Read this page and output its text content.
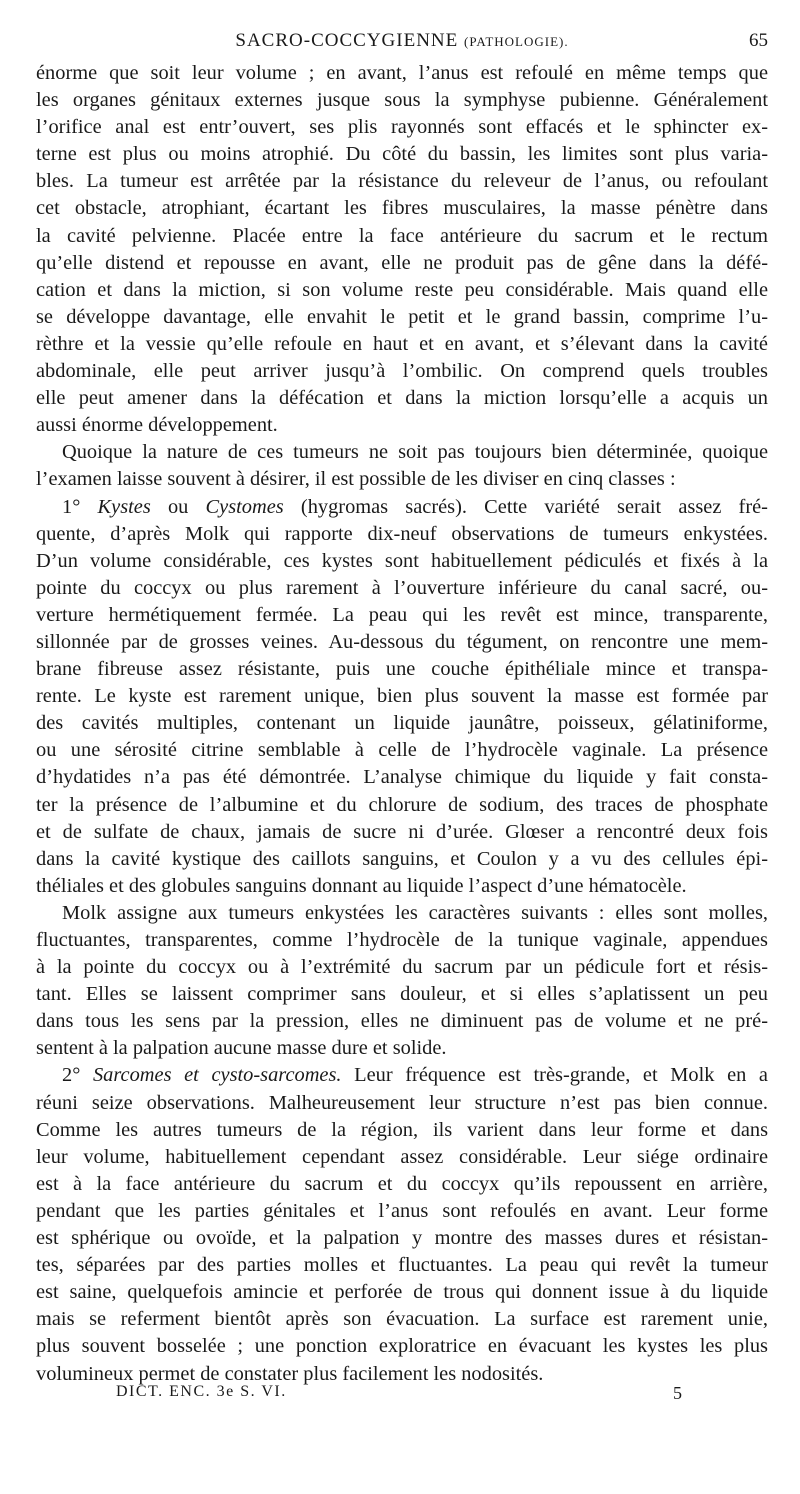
SACRO-COCCYGIENNE (PATHOLOGIE).	65
énorme que soit leur volume ; en avant, l’anus est refoulé en même temps que
les organes génitaux externes jusque sous la symphyse pubienne. Généralement
l’orifice anal est entr’ouvert, ses plis rayonnés sont effacés et le sphincter ex-
terne est plus ou moins atrophié. Du côté du bassin, les limites sont plus varia-
bles. La tumeur est arrêtée par la résistance du releveur de l’anus, ou refoulant
cet obstacle, atrophiant, écartant les fibres musculaires, la masse pénètre dans
la cavité pelvienne. Placée entre la face antérieure du sacrum et le rectum
qu’elle distend et repousse en avant, elle ne produit pas de gêne dans la défé-
cation et dans la miction, si son volume reste peu considérable. Mais quand elle
se développe davantage, elle envahit le petit et le grand bassin, comprime l’u-
rèthre et la vessie qu’elle refoule en haut et en avant, et s’élevant dans la cavité
abdominale, elle peut arriver jusqu’à l’ombilic. On comprend quels troubles
elle peut amener dans la défécation et dans la miction lorsqu’elle a acquis un
aussi énorme développement.
Quoique la nature de ces tumeurs ne soit pas toujours bien déterminée, quoique
l’examen laisse souvent à désirer, il est possible de les diviser en cinq classes :
1° Kystes ou Cystomes (hygromas sacrés). Cette variété serait assez fré-
quente, d’après Molk qui rapporte dix-neuf observations de tumeurs enkystées.
D’un volume considérable, ces kystes sont habituellement pédiculés et fixés à la
pointe du coccyx ou plus rarement à l’ouverture inférieure du canal sacré, ou-
verture hermétiquement fermée. La peau qui les revêt est mince, transparente,
sillonnée par de grosses veines. Au-dessous du tégument, on rencontre une mem-
brane fibreuse assez résistante, puis une couche épithéliale mince et transpa-
rente. Le kyste est rarement unique, bien plus souvent la masse est formée par
des cavités multiples, contenant un liquide jaunâtre, poisseux, gélatiniforme,
ou une sérosité citrine semblable à celle de l’hydrocèle vaginale. La présence
d’hydatides n’a pas été démontrée. L’analyse chimique du liquide y fait consta-
ter la présence de l’albumine et du chlorure de sodium, des traces de phosphate
et de sulfate de chaux, jamais de sucre ni d’urée. Glœser a rencontré deux fois
dans la cavité kystique des caillots sanguins, et Coulon y a vu des cellules épi-
théliales et des globules sanguins donnant au liquide l’aspect d’une hématocèle.
Molk assigne aux tumeurs enkystées les caractères suivants : elles sont molles,
fluctuantes, transparentes, comme l’hydrocèle de la tunique vaginale, appendues
à la pointe du coccyx ou à l’extrémité du sacrum par un pédicule fort et résis-
tant. Elles se laissent comprimer sans douleur, et si elles s’aplatissent un peu
dans tous les sens par la pression, elles ne diminuent pas de volume et ne pré-
sentent à la palpation aucune masse dure et solide.
2° Sarcomes et cysto-sarcomes. Leur fréquence est très-grande, et Molk en a
réuni seize observations. Malheureusement leur structure n’est pas bien connue.
Comme les autres tumeurs de la région, ils varient dans leur forme et dans
leur volume, habituellement cependant assez considérable. Leur siége ordinaire
est à la face antérieure du sacrum et du coccyx qu’ils repoussent en arrière,
pendant que les parties génitales et l’anus sont refoulés en avant. Leur forme
est sphérique ou ovoïde, et la palpation y montre des masses dures et résistan-
tes, séparées par des parties molles et fluctuantes. La peau qui revêt la tumeur
est saine, quelquefois amincie et perforée de trous qui donnent issue à du liquide
mais se referment bientôt après son évacuation. La surface est rarement unie,
plus souvent bosselée ; une ponction exploratrice en évacuant les kystes les plus
volumineux permet de constater plus facilement les nodosités.
DICT. ENC. 3e S. VI.	5
